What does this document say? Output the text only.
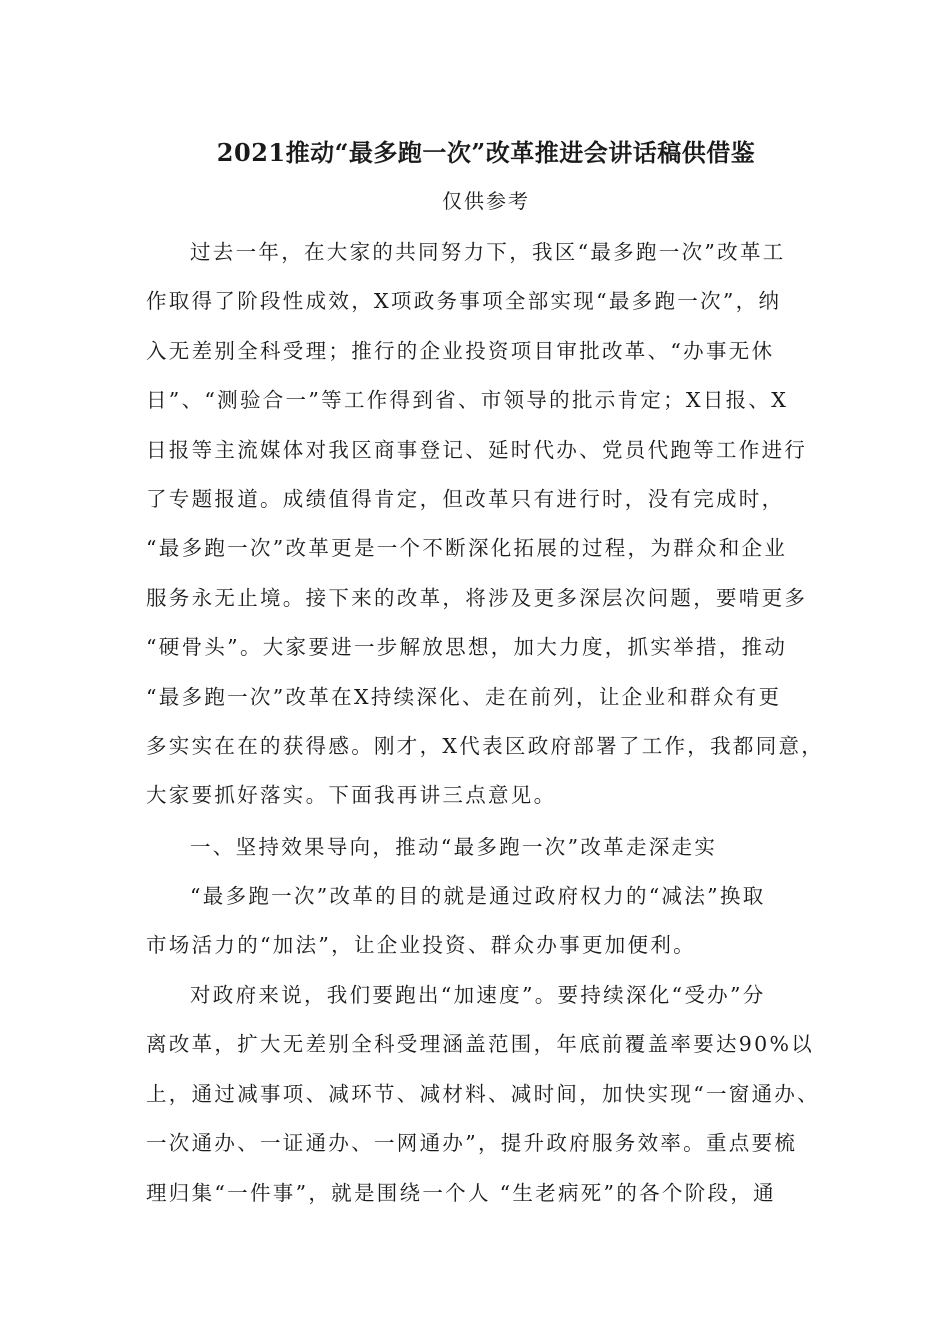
2021推动“最多跑一次”改革推进会讲话稿供借鉴
仅供参考
过去一年，在大家的共同努力下，我区“最多跑一次”改革工
作取得了阶段性成效，X项政务事项全部实现“最多跑一次”，纳
入无差别全科受理；推行的企业投资项目审批改革、“办事无休
日”、“测验合一”等工作得到省、市领导的批示肯定；X日报、X
日报等主流媒体对我区商事登记、延时代办、党员代跑等工作进行
了专题报道。成绩值得肯定，但改革只有进行时，没有完成时，
“最多跑一次”改革更是一个不断深化拓展的过程，为群众和企业
服务永无止境。接下来的改革，将涉及更多深层次问题，要啃更多
“硬骨头”。大家要进一步解放思想，加大力度，抓实举措，推动
“最多跑一次”改革在X持续深化、走在前列，让企业和群众有更
多实实在在的获得感。刚才，X代表区政府部署了工作，我都同意，
大家要抓好落实。下面我再讲三点意见。
一、坚持效果导向，推动“最多跑一次”改革走深走实
“最多跑一次”改革的目的就是通过政府权力的“减法”换取
市场活力的“加法”，让企业投资、群众办事更加便利。
对政府来说，我们要跑出“加速度”。要持续深化“受办”分
离改革，扩大无差别全科受理涵盖范围，年底前覆盖率要达90%以
上，通过减事项、减环节、减材料、减时间，加快实现“一窗通办、
一次通办、一证通办、一网通办”，提升政府服务效率。重点要梳
理归集“一件事”，就是围绕一个人 “生老病死”的各个阶段，通
